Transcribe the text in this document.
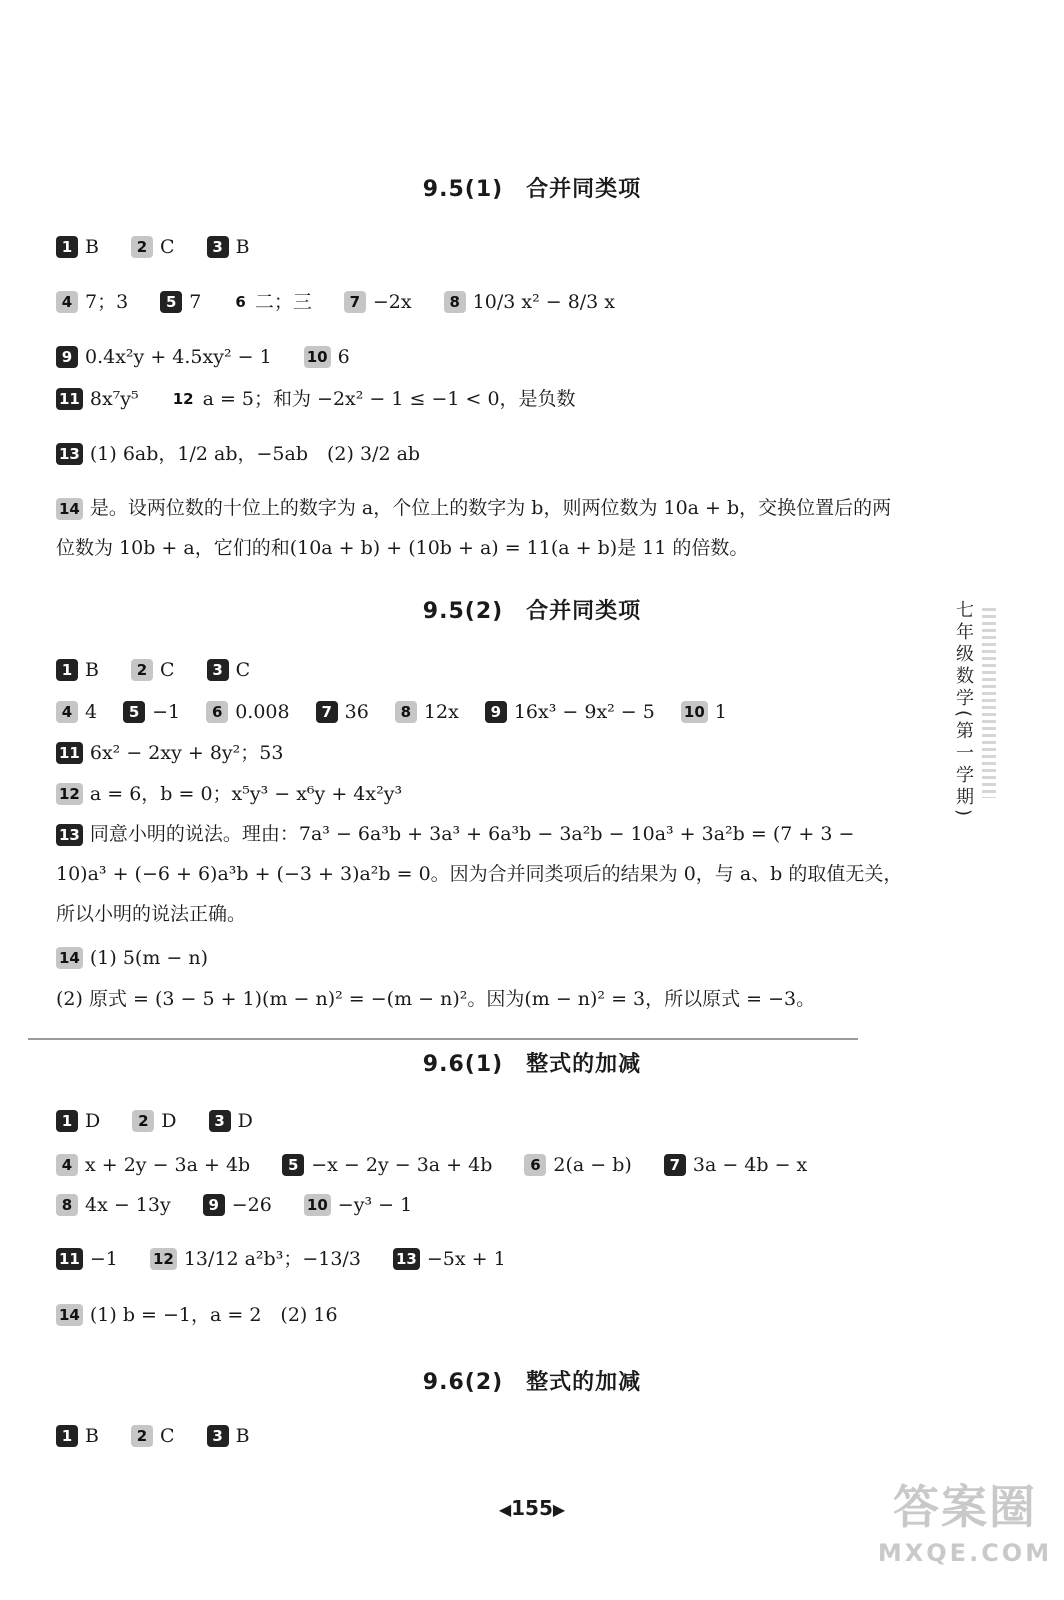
9.5(1)　合并同类项
1 B	2 C	3 B
4 7；3	5 7 6 二；三	7 −2x	8 10/3 x² − 8/3 x
9 0.4x²y + 4.5xy² − 1 10 6
11 8x⁷y⁵ 12 a = 5；和为 −2x² − 1 ≤ −1 < 0，是负数
13 (1) 6ab，1/2 ab，−5ab　(2) 3/2 ab
14 是。设两位数的十位上的数字为 a，个位上的数字为 b，则两位数为 10a + b，交换位置后的两位数为 10b + a，它们的和(10a + b) + (10b + a) = 11(a + b)是 11 的倍数。
9.5(2)　合并同类项
1 B	2 C	3 C
4 4 5 −1 6 0.008 7 36 8 12x 9 16x³ − 9x² − 5 10 1
11 6x² − 2xy + 8y²；53
12 a = 6，b = 0；x⁵y³ − x⁶y + 4x²y³
13 同意小明的说法。理由：7a³ − 6a³b + 3a³ + 6a³b − 3a²b − 10a³ + 3a²b = (7 + 3 − 10)a³ + (−6 + 6)a³b + (−3 + 3)a²b = 0。因为合并同类项后的结果为 0，与 a、b 的取值无关，所以小明的说法正确。
14 (1) 5(m − n)
(2) 原式 = (3 − 5 + 1)(m − n)² = −(m − n)²。因为(m − n)² = 3，所以原式 = −3。
9.6(1)　整式的加减
1 D	2 D	3 D
4 x + 2y − 3a + 4b	5 −x − 2y − 3a + 4b	6 2(a − b)	7 3a − 4b − x
8 4x − 13y	9 −26 10 −y³ − 1
11 −1 12 13/12 a²b³；−13/3 13 −5x + 1
14 (1) b = −1，a = 2　(2) 16
9.6(2)　整式的加减
1 B	2 C	3 B
七年级数学(第一学期)
◀155▶	答案圈
MXQE.COM
